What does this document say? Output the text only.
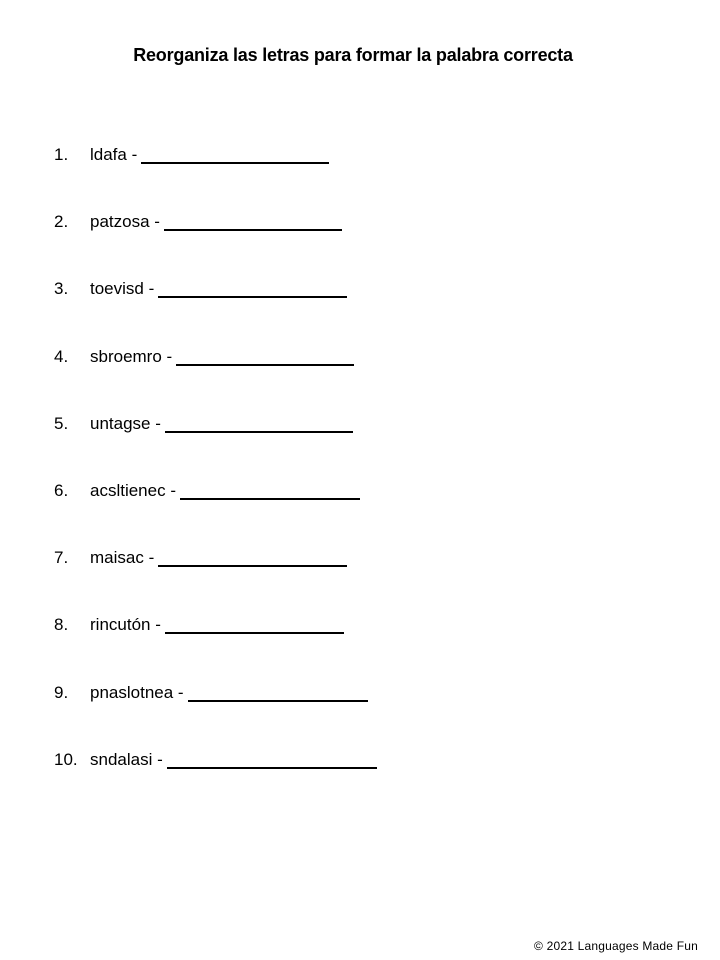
Reorganiza las letras para formar la palabra correcta
1.	ldafa -
2.	patzosa -
3.	toevisd -
4.	sbroemro -
5.	untagse -
6.	acsltienec -
7.	maisac -
8.	rincutón -
9.	pnaslotnea -
10. sndalasi -
© 2021 Languages Made Fun
